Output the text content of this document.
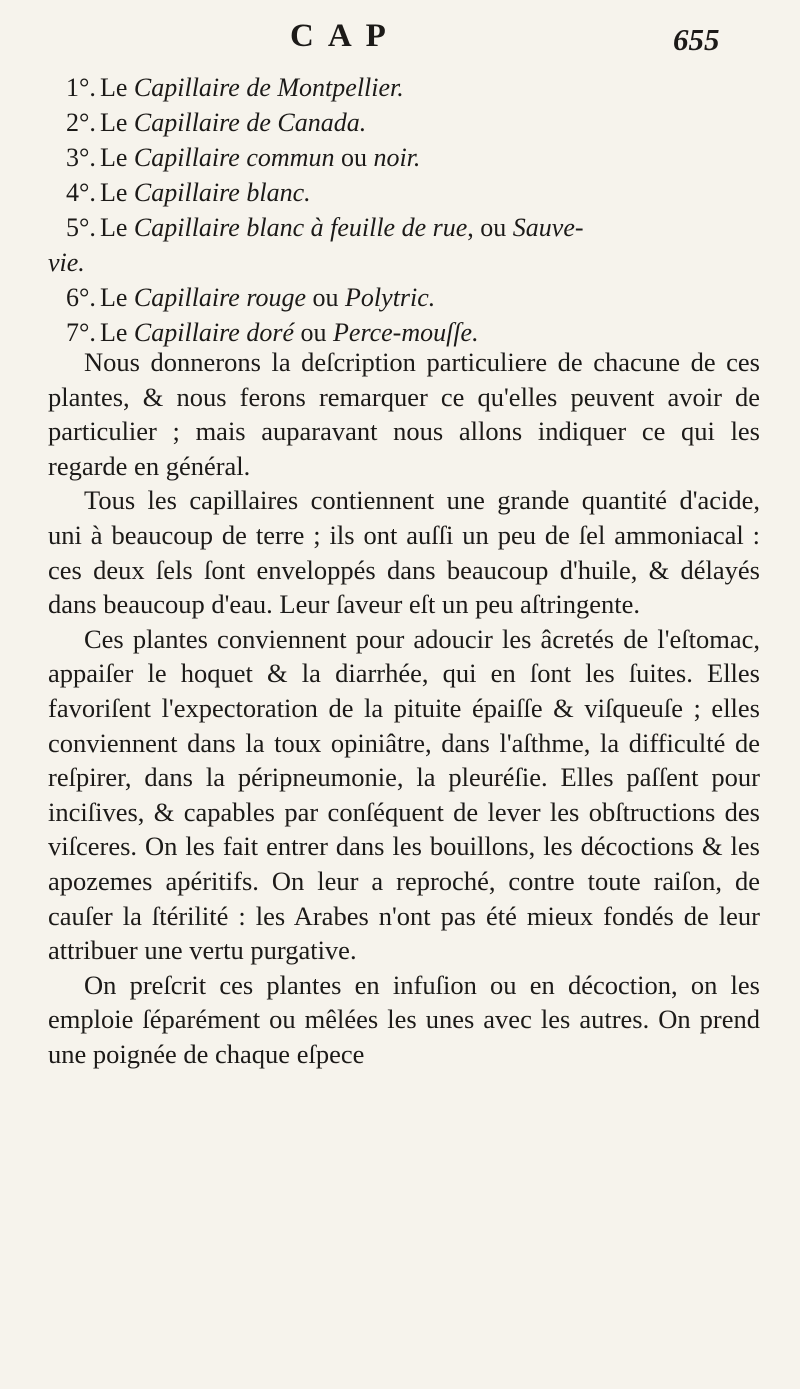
CAP	655

1°. Le Capillaire de Montpellier.

2°. Le Capillaire de Canada.

3°. Le Capillaire commun ou noir.

4°. Le Capillaire blanc.

5°. Le Capillaire blanc à feuille de rue, ou Sauve-
vie.

6°. Le Capillaire rouge ou Polytric.

7°. Le Capillaire doré ou Perce-mouſſe.

Nous donnerons la deſcription particuliere de chacune de ces plantes, & nous ferons remarquer ce qu'elles peuvent avoir de particulier ; mais auparavant nous allons indiquer ce qui les regarde en général.

Tous les capillaires contiennent une grande quantité d'acide, uni à beaucoup de terre ; ils ont auſſi un peu de ſel ammoniacal : ces deux ſels ſont enveloppés dans beaucoup d'huile, & délayés dans beaucoup d'eau. Leur ſaveur eſt un peu aſtringente.

Ces plantes conviennent pour adoucir les âcretés de l'eſtomac, appaiſer le hoquet & la diarrhée, qui en ſont les ſuites. Elles favoriſent l'expectoration de la pituite épaiſſe & viſqueuſe ; elles conviennent dans la toux opiniâtre, dans l'aſthme, la difficulté de reſpirer, dans la péripneumonie, la pleuréſie. Elles paſſent pour inciſives, & capables par conſéquent de lever les obſtructions des viſceres. On les fait entrer dans les bouillons, les décoctions & les apozemes apéritifs. On leur a reproché, contre toute raiſon, de cauſer la ſtérilité : les Arabes n'ont pas été mieux fondés de leur attribuer une vertu purgative.

On preſcrit ces plantes en infuſion ou en décoction, on les emploie ſéparément ou mêlées les unes avec les autres. On prend une poignée de chaque eſpece
